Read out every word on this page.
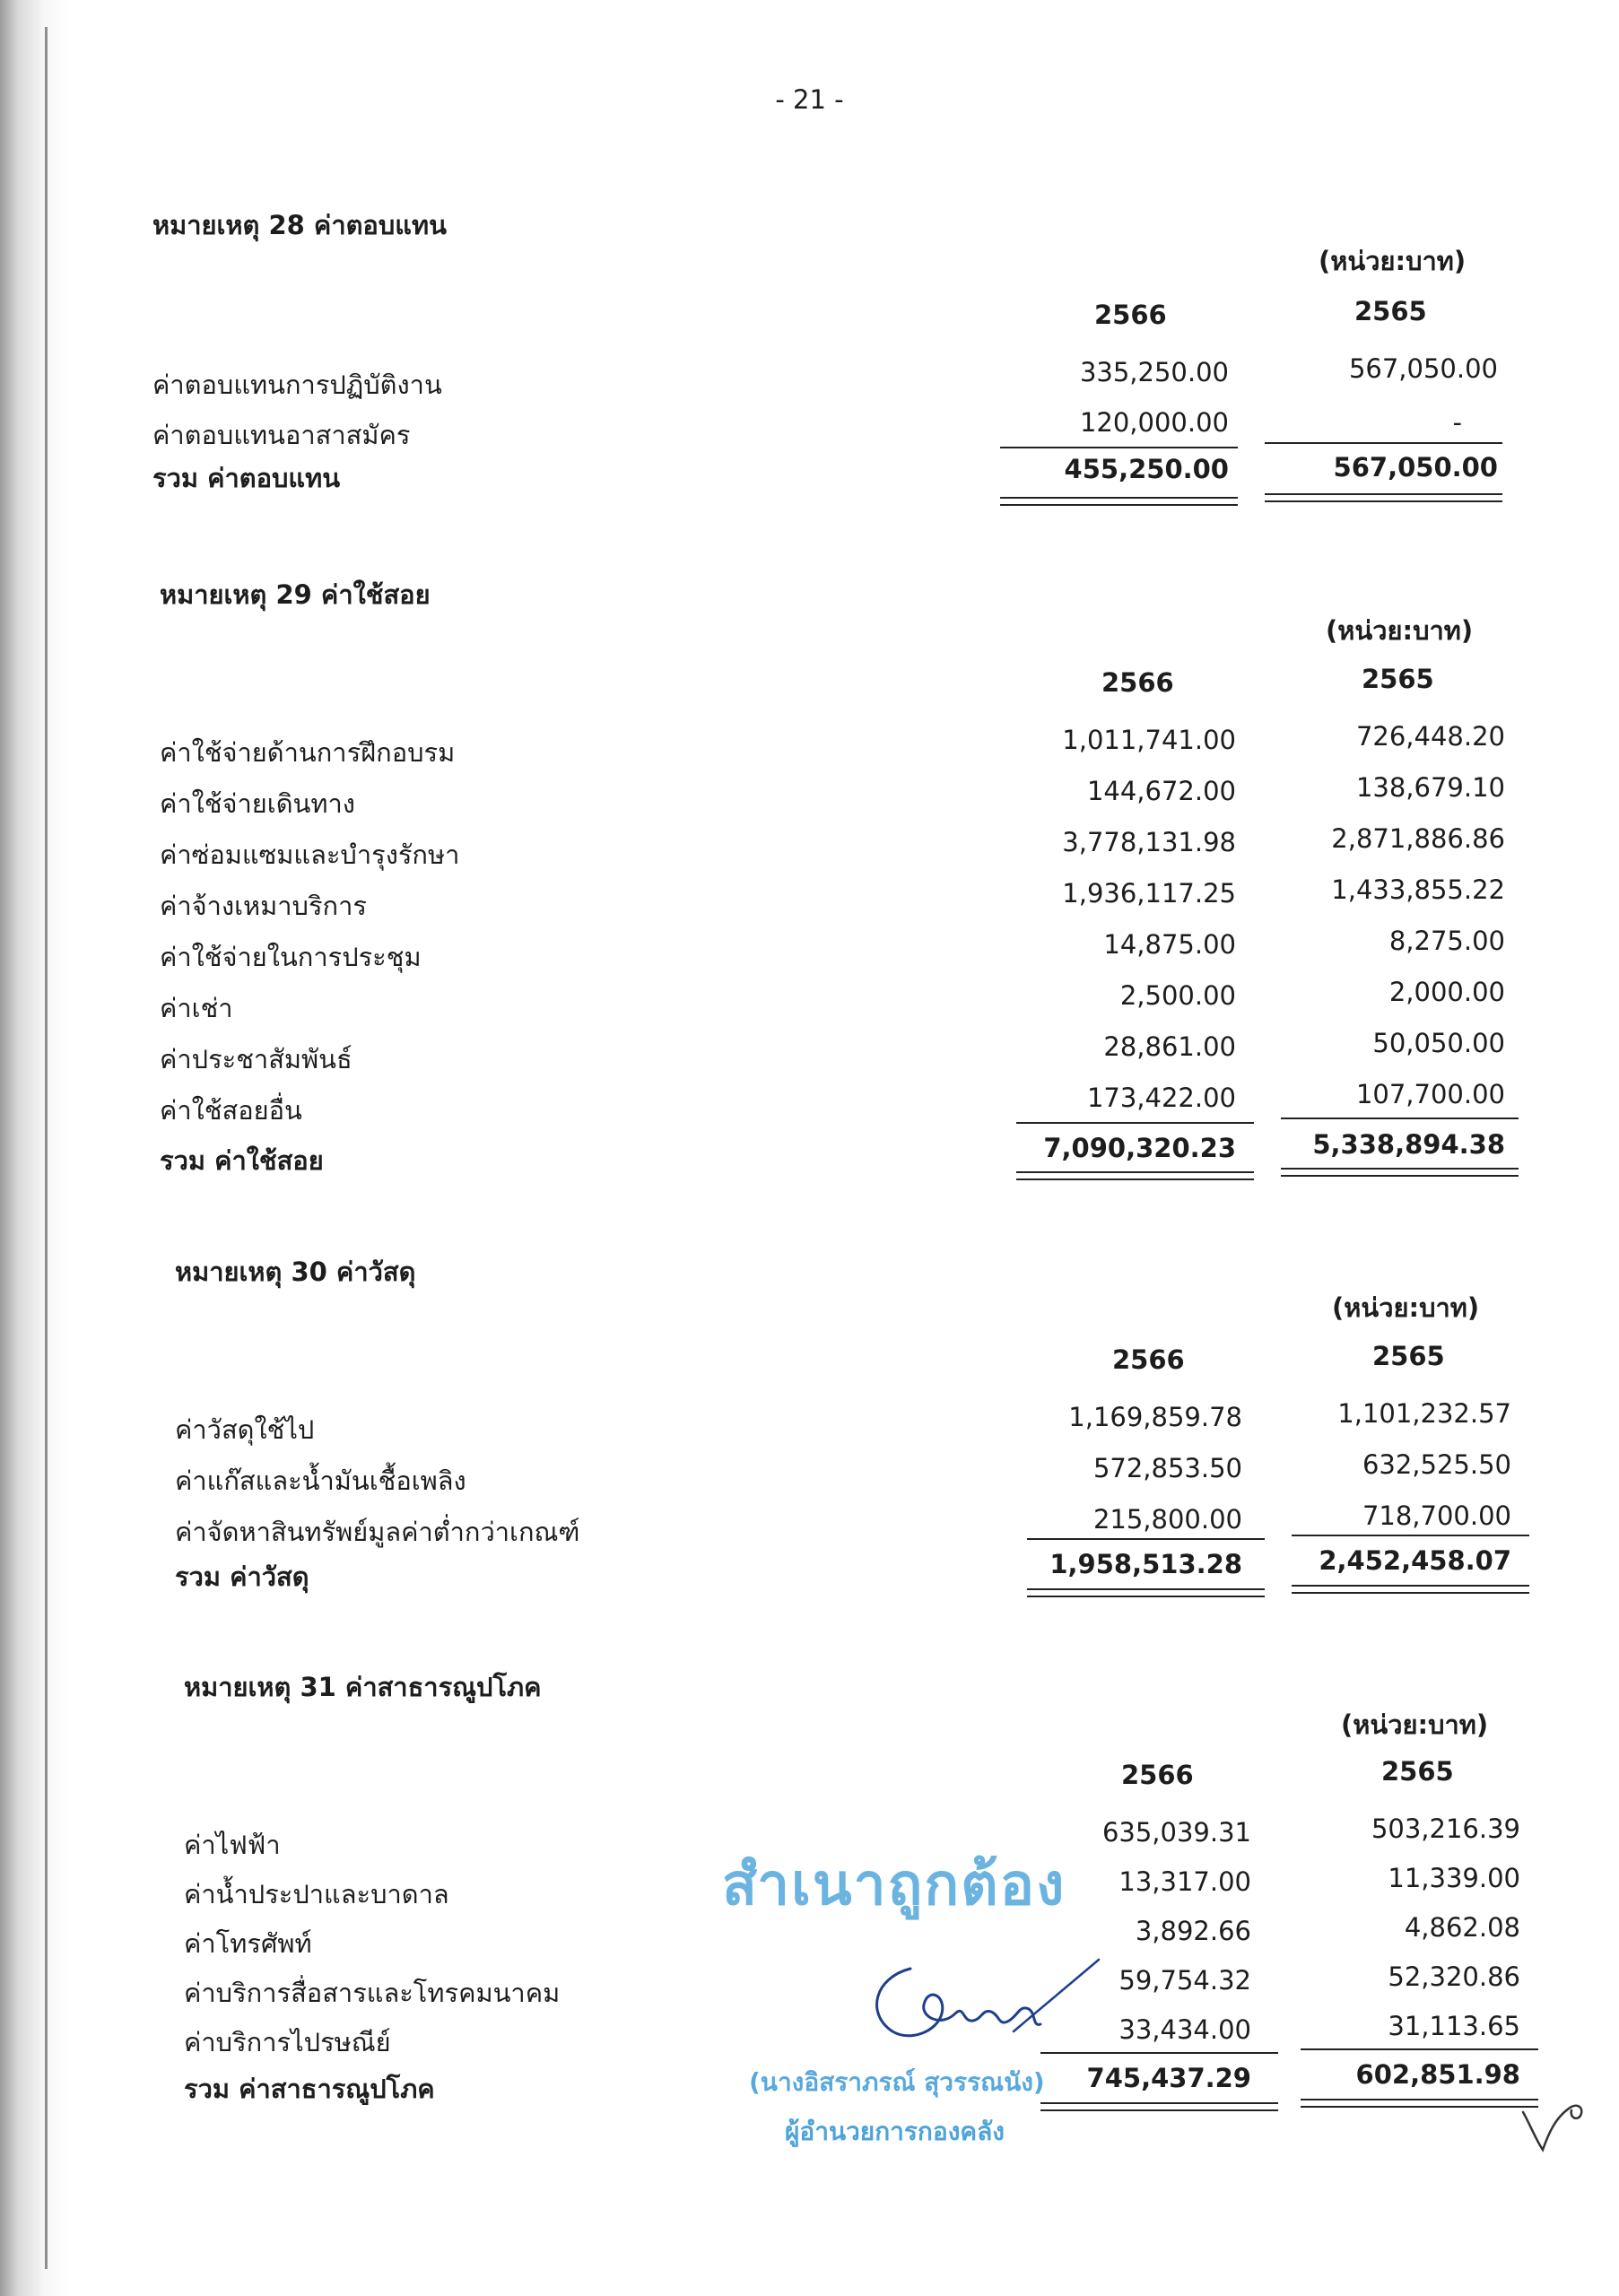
- 21 -
หมายเหตุ 28 ค่าตอบแทน
(หน่วย:บาท)
2566	2565
ค่าตอบแทนการปฏิบัติงาน	335,250.00	567,050.00
ค่าตอบแทนอาสาสมัคร	120,000.00	-
รวม ค่าตอบแทน	455,250.00	567,050.00
หมายเหตุ 29 ค่าใช้สอย
(หน่วย:บาท)
2566	2565
ค่าใช้จ่ายด้านการฝึกอบรม	1,011,741.00	726,448.20
ค่าใช้จ่ายเดินทาง	144,672.00	138,679.10
ค่าซ่อมแซมและบำรุงรักษา	3,778,131.98	2,871,886.86
ค่าจ้างเหมาบริการ	1,936,117.25	1,433,855.22
ค่าใช้จ่ายในการประชุม	14,875.00	8,275.00
ค่าเช่า	2,500.00	2,000.00
ค่าประชาสัมพันธ์	28,861.00	50,050.00
ค่าใช้สอยอื่น	173,422.00	107,700.00
รวม ค่าใช้สอย	7,090,320.23	5,338,894.38
หมายเหตุ 30 ค่าวัสดุ
(หน่วย:บาท)
2566	2565
ค่าวัสดุใช้ไป	1,169,859.78	1,101,232.57
ค่าแก๊สและน้ำมันเชื้อเพลิง	572,853.50	632,525.50
ค่าจัดหาสินทรัพย์มูลค่าต่ำกว่าเกณฑ์	215,800.00	718,700.00
รวม ค่าวัสดุ	1,958,513.28	2,452,458.07
หมายเหตุ 31 ค่าสาธารณูปโภค
(หน่วย:บาท)
2566	2565
ค่าไฟฟ้า	635,039.31	503,216.39
ค่าน้ำประปาและบาดาล	13,317.00	11,339.00
ค่าโทรศัพท์	3,892.66	4,862.08
ค่าบริการสื่อสารและโทรคมนาคม	59,754.32	52,320.86
ค่าบริการไปรษณีย์	33,434.00	31,113.65
รวม ค่าสาธารณูปโภค	745,437.29	602,851.98
สำเนาถูกต้อง
(นางอิสราภรณ์ สุวรรณนัง)
ผู้อำนวยการกองคลัง
